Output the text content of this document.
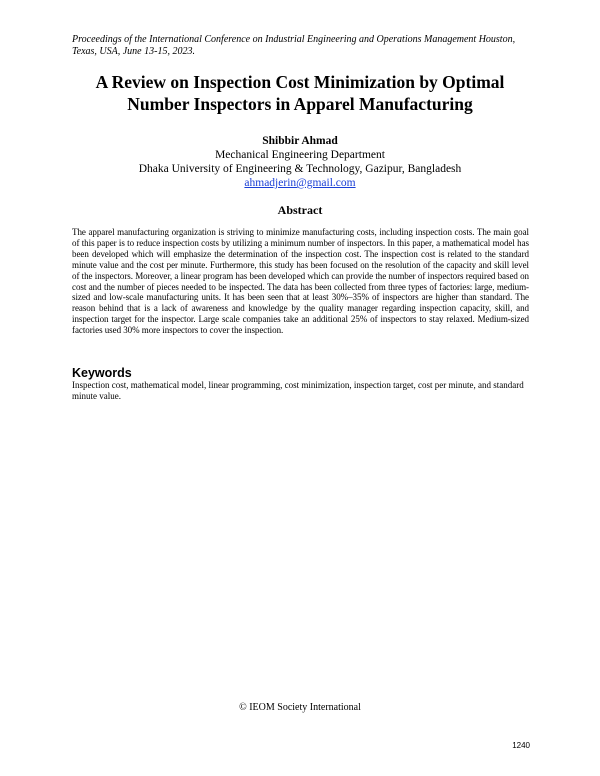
Proceedings of the International Conference on Industrial Engineering and Operations Management Houston, Texas, USA, June 13-15, 2023.
A Review on Inspection Cost Minimization by Optimal
Number Inspectors in Apparel Manufacturing
Shibbir Ahmad
Mechanical Engineering Department
Dhaka University of Engineering & Technology, Gazipur, Bangladesh
ahmadjerin@gmail.com
Abstract
The apparel manufacturing organization is striving to minimize manufacturing costs, including inspection costs. The main goal of this paper is to reduce inspection costs by utilizing a minimum number of inspectors. In this paper, a mathematical model has been developed which will emphasize the determination of the inspection cost. The inspection cost is related to the standard minute value and the cost per minute. Furthermore, this study has been focused on the resolution of the capacity and skill level of the inspectors. Moreover, a linear program has been developed which can provide the number of inspectors required based on cost and the number of pieces needed to be inspected. The data has been collected from three types of factories: large, medium-sized and low-scale manufacturing units. It has been seen that at least 30%–35% of inspectors are higher than standard. The reason behind that is a lack of awareness and knowledge by the quality manager regarding inspection capacity, skill, and inspection target for the inspector. Large scale companies take an additional 25% of inspectors to stay relaxed. Medium-sized factories used 30% more inspectors to cover the inspection.
Keywords
Inspection cost, mathematical model, linear programming, cost minimization, inspection target, cost per minute, and standard minute value.
© IEOM Society International
1240
